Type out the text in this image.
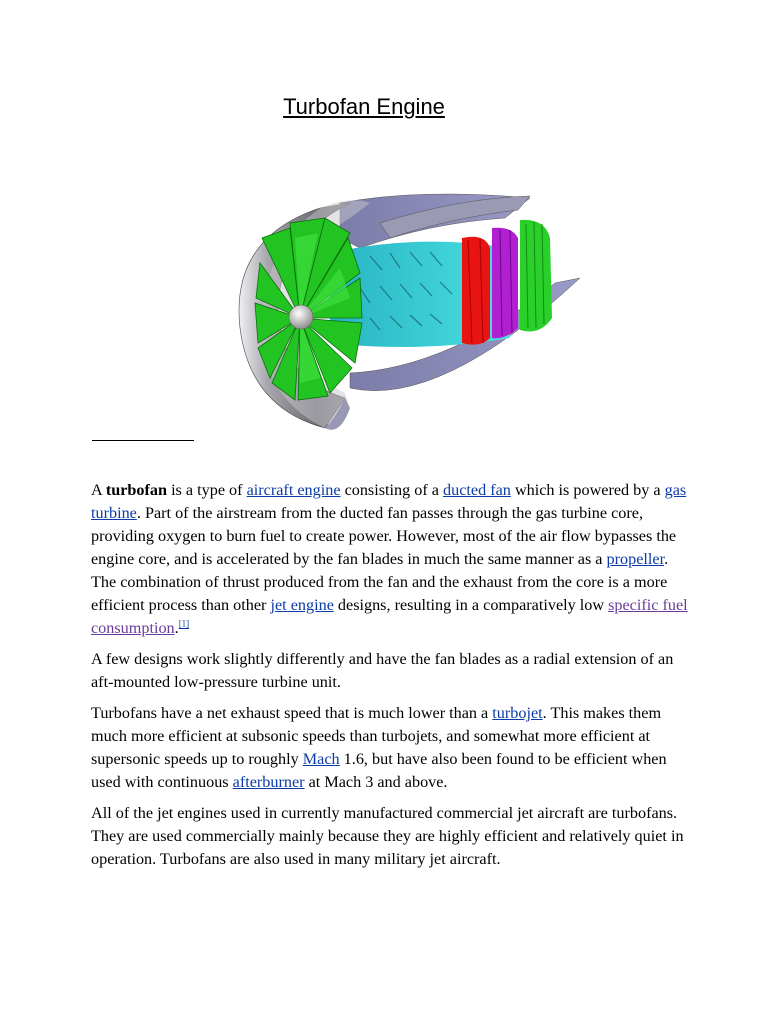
Turbofan Engine

A turbofan is a type of aircraft engine consisting of a ducted fan which is powered by a gas turbine. Part of the airstream from the ducted fan passes through the gas turbine core, providing oxygen to burn fuel to create power. However, most of the air flow bypasses the engine core, and is accelerated by the fan blades in much the same manner as a propeller. The combination of thrust produced from the fan and the exhaust from the core is a more efficient process than other jet engine designs, resulting in a comparatively low specific fuel consumption.[1]

A few designs work slightly differently and have the fan blades as a radial extension of an aft-mounted low-pressure turbine unit.

Turbofans have a net exhaust speed that is much lower than a turbojet. This makes them much more efficient at subsonic speeds than turbojets, and somewhat more efficient at supersonic speeds up to roughly Mach 1.6, but have also been found to be efficient when used with continuous afterburner at Mach 3 and above.

All of the jet engines used in currently manufactured commercial jet aircraft are turbofans. They are used commercially mainly because they are highly efficient and relatively quiet in operation. Turbofans are also used in many military jet aircraft.
